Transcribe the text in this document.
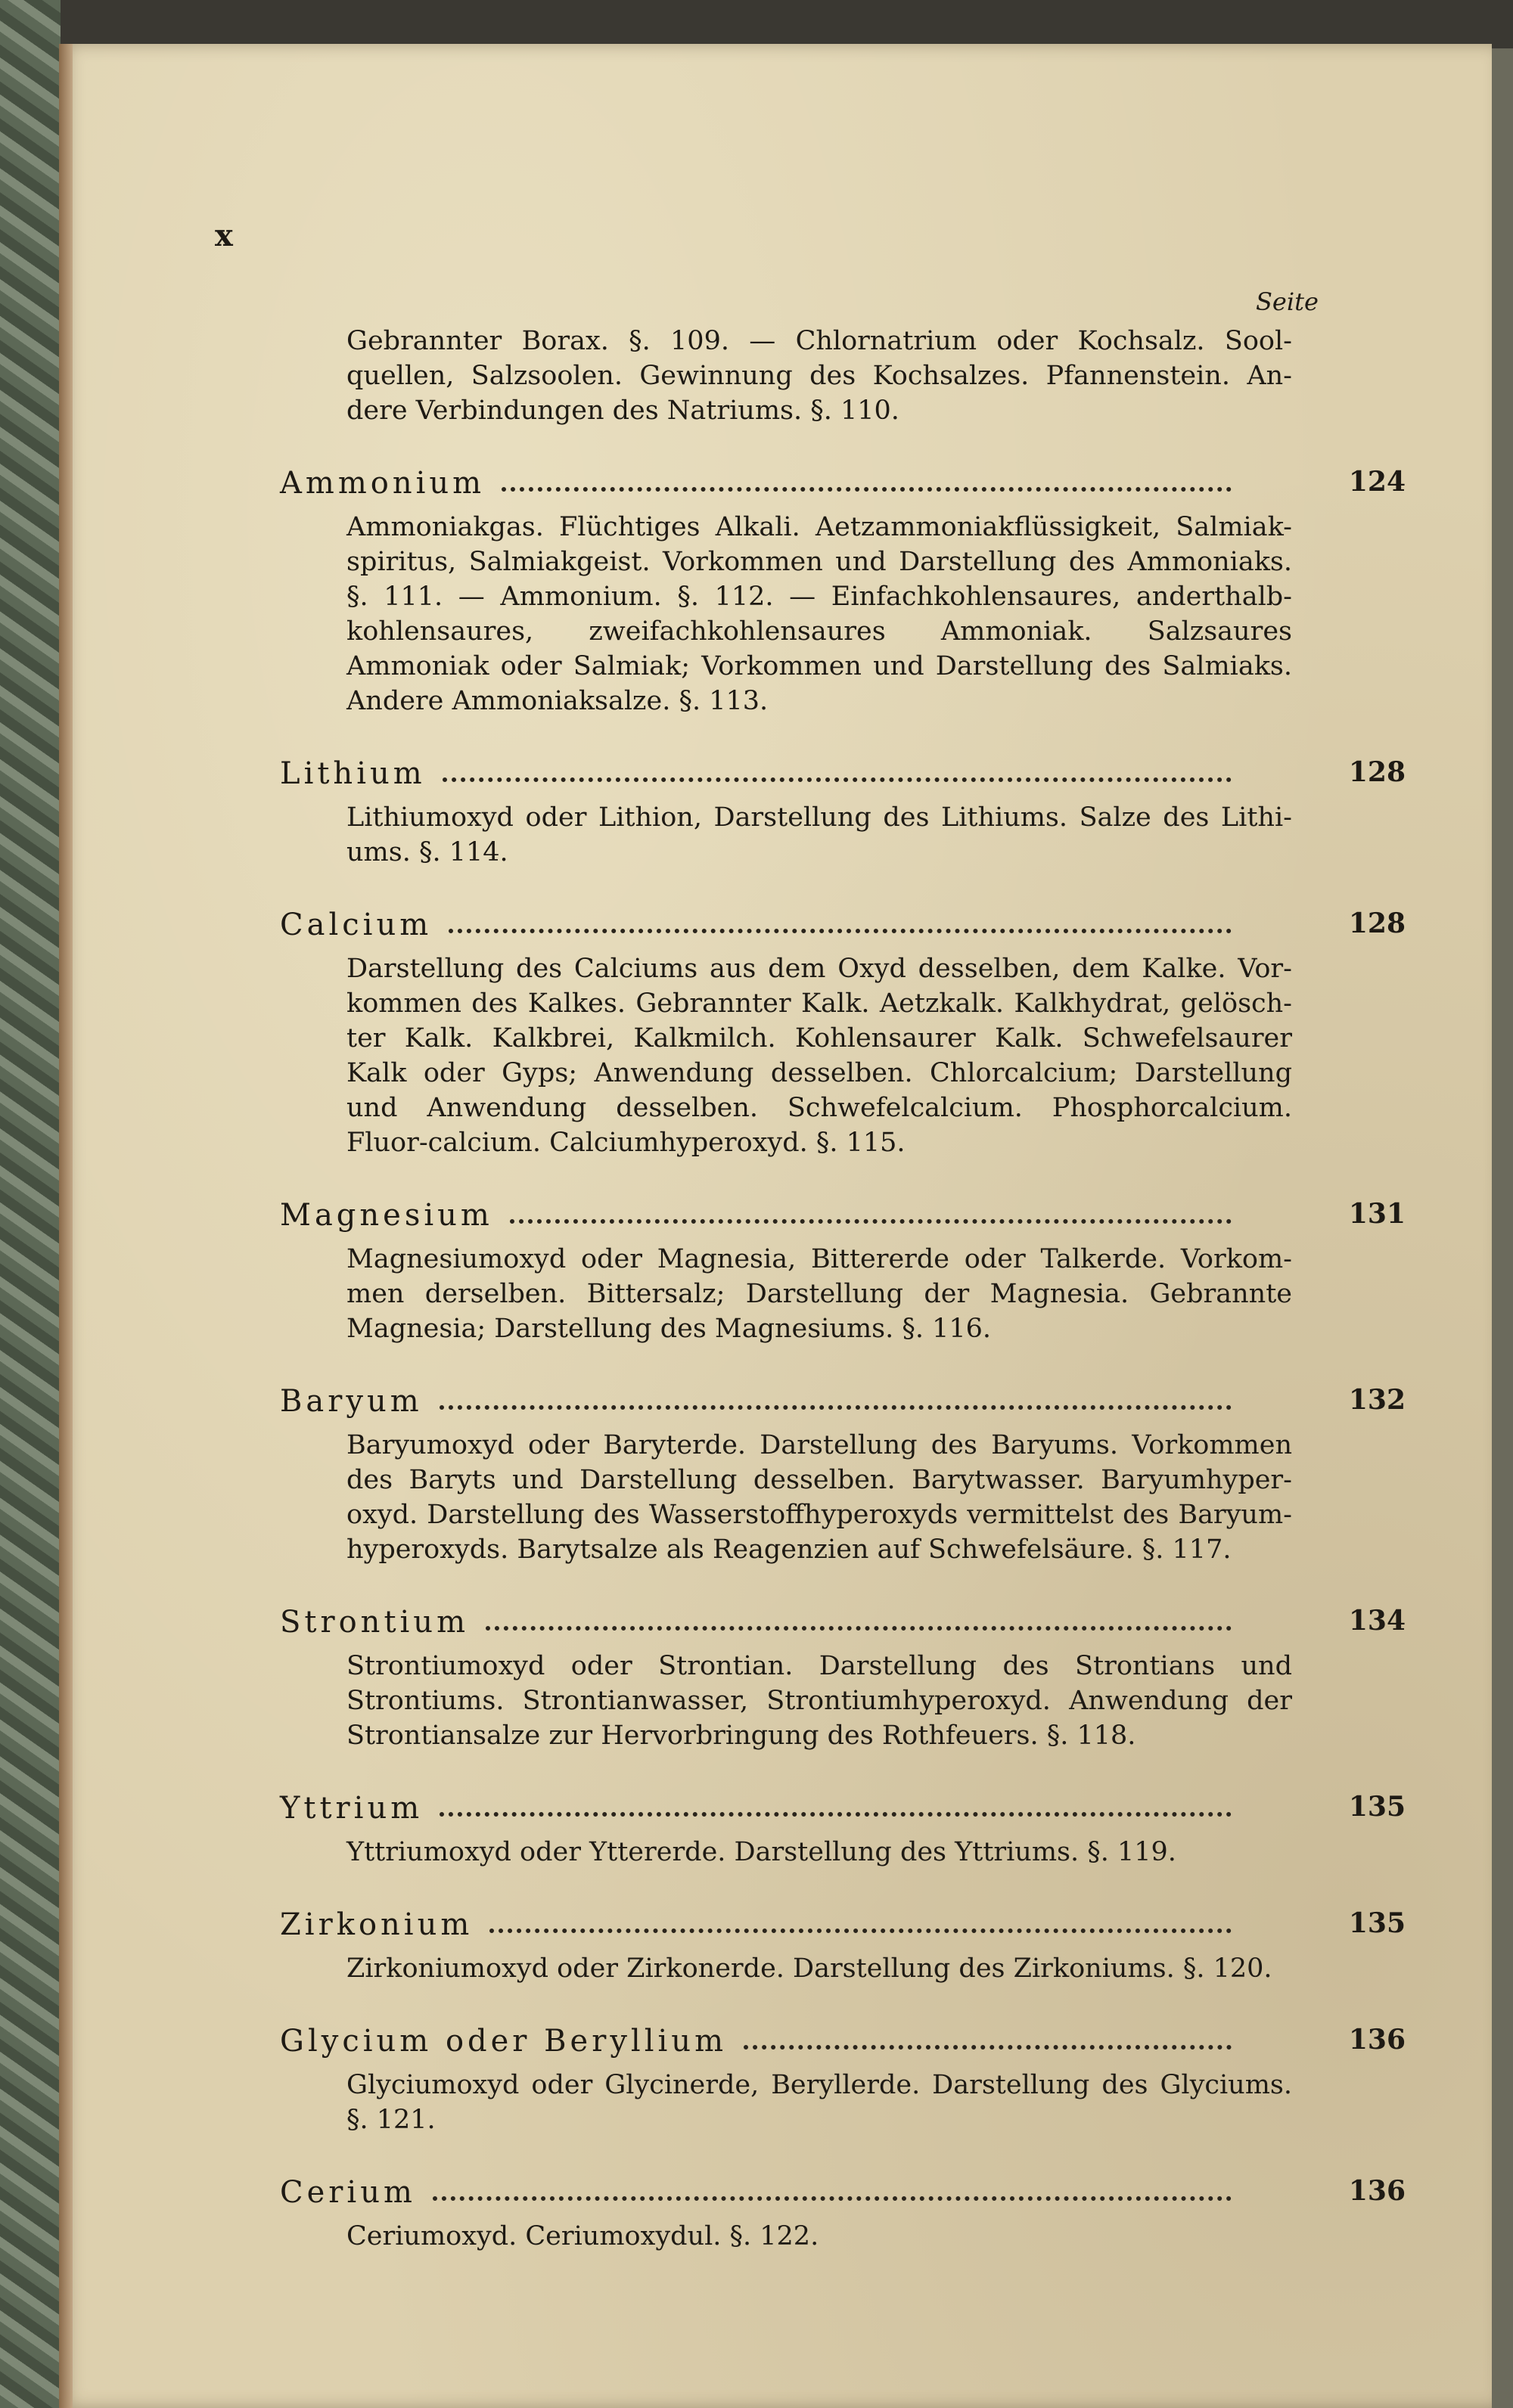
x
Seite

Gebrannter Borax. §. 109. — Chlornatrium oder Kochsalz. Sool-quellen, Salzsoolen. Gewinnung des Kochsalzes. Pfannenstein. An-dere Verbindungen des Natriums. §. 110.

Ammonium	124

Ammoniakgas. Flüchtiges Alkali. Aetzammoniakflüssigkeit, Salmiak-spiritus, Salmiakgeist. Vorkommen und Darstellung des Ammoniaks. §. 111. — Ammonium. §. 112. — Einfachkohlensaures, anderthalb-kohlensaures, zweifachkohlensaures Ammoniak. Salzsaures Ammoniak oder Salmiak; Vorkommen und Darstellung des Salmiaks. Andere Ammoniaksalze. §. 113.

Lithium	128

Lithiumoxyd oder Lithion, Darstellung des Lithiums. Salze des Lithi-ums. §. 114.

Calcium	128

Darstellung des Calciums aus dem Oxyd desselben, dem Kalke. Vor-kommen des Kalkes. Gebrannter Kalk. Aetzkalk. Kalkhydrat, gelösch-ter Kalk. Kalkbrei, Kalkmilch. Kohlensaurer Kalk. Schwefelsaurer Kalk oder Gyps; Anwendung desselben. Chlorcalcium; Darstellung und Anwendung desselben. Schwefelcalcium. Phosphorcalcium. Fluor-calcium. Calciumhyperoxyd. §. 115.

Magnesium	131

Magnesiumoxyd oder Magnesia, Bittererde oder Talkerde. Vorkom-men derselben. Bittersalz; Darstellung der Magnesia. Gebrannte Magnesia; Darstellung des Magnesiums. §. 116.

Baryum	132

Baryumoxyd oder Baryterde. Darstellung des Baryums. Vorkommen des Baryts und Darstellung desselben. Barytwasser. Baryumhyper-oxyd. Darstellung des Wasserstoffhyperoxyds vermittelst des Baryum-hyperoxyds. Barytsalze als Reagenzien auf Schwefelsäure. §. 117.

Strontium	134

Strontiumoxyd oder Strontian. Darstellung des Strontians und Strontiums. Strontianwasser, Strontiumhyperoxyd. Anwendung der Strontiansalze zur Hervorbringung des Rothfeuers. §. 118.

Yttrium	135

Yttriumoxyd oder Yttererde. Darstellung des Yttriums. §. 119.

Zirkonium	135

Zirkoniumoxyd oder Zirkonerde. Darstellung des Zirkoniums. §. 120.

Glycium oder Beryllium	136

Glyciumoxyd oder Glycinerde, Beryllerde. Darstellung des Glyciums. §. 121.

Cerium	136

Ceriumoxyd. Ceriumoxydul. §. 122.
